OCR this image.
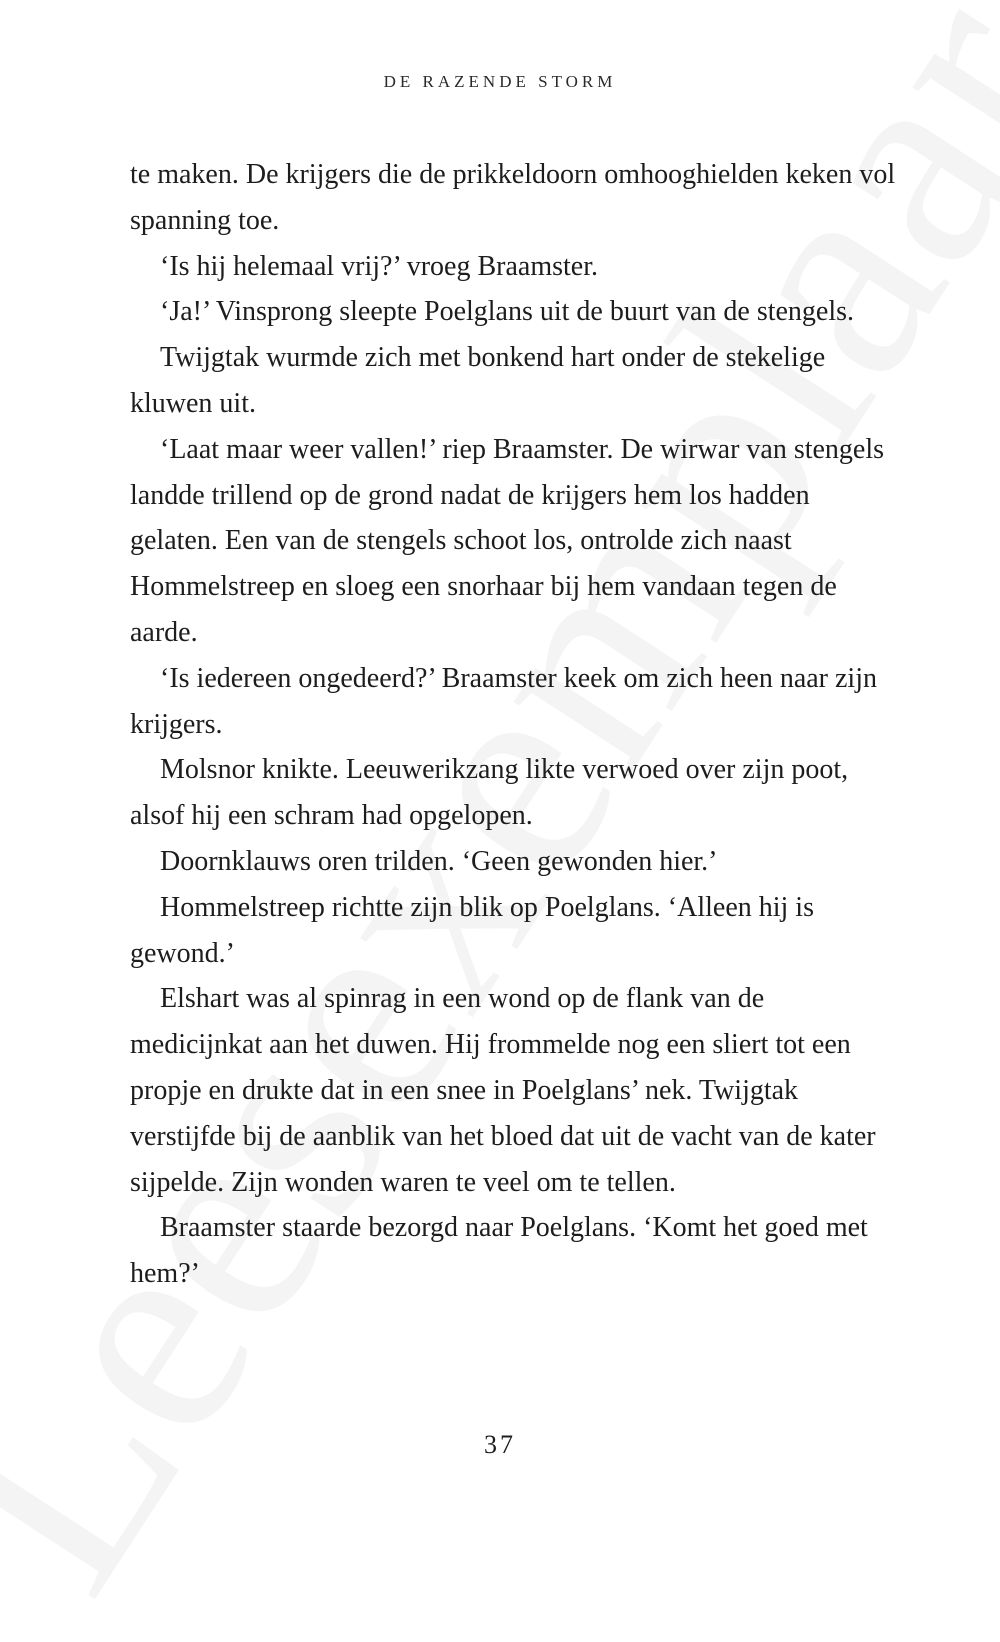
DE RAZENDE STORM

te maken. De krijgers die de prikkeldoorn omhooghielden keken vol spanning toe.

‘Is hij helemaal vrij?’ vroeg Braamster.

‘Ja!’ Vinsprong sleepte Poelglans uit de buurt van de stengels.

Twijgtak wurmde zich met bonkend hart onder de stekelige kluwen uit.

‘Laat maar weer vallen!’ riep Braamster. De wirwar van stengels landde trillend op de grond nadat de krijgers hem los hadden gelaten. Een van de stengels schoot los, ontrolde zich naast Hommelstreep en sloeg een snorhaar bij hem vandaan tegen de aarde.

‘Is iedereen ongedeerd?’ Braamster keek om zich heen naar zijn krijgers.

Molsnor knikte. Leeuwerikzang likte verwoed over zijn poot, alsof hij een schram had opgelopen.

Doornklauws oren trilden. ‘Geen gewonden hier.’

Hommelstreep richtte zijn blik op Poelglans. ‘Alleen hij is gewond.’

Elshart was al spinrag in een wond op de flank van de medicijnkat aan het duwen. Hij frommelde nog een sliert tot een propje en drukte dat in een snee in Poelglans’ nek. Twijgtak verstijfde bij de aanblik van het bloed dat uit de vacht van de kater sijpelde. Zijn wonden waren te veel om te tellen.

Braamster staarde bezorgd naar Poelglans. ‘Komt het goed met hem?’

37
